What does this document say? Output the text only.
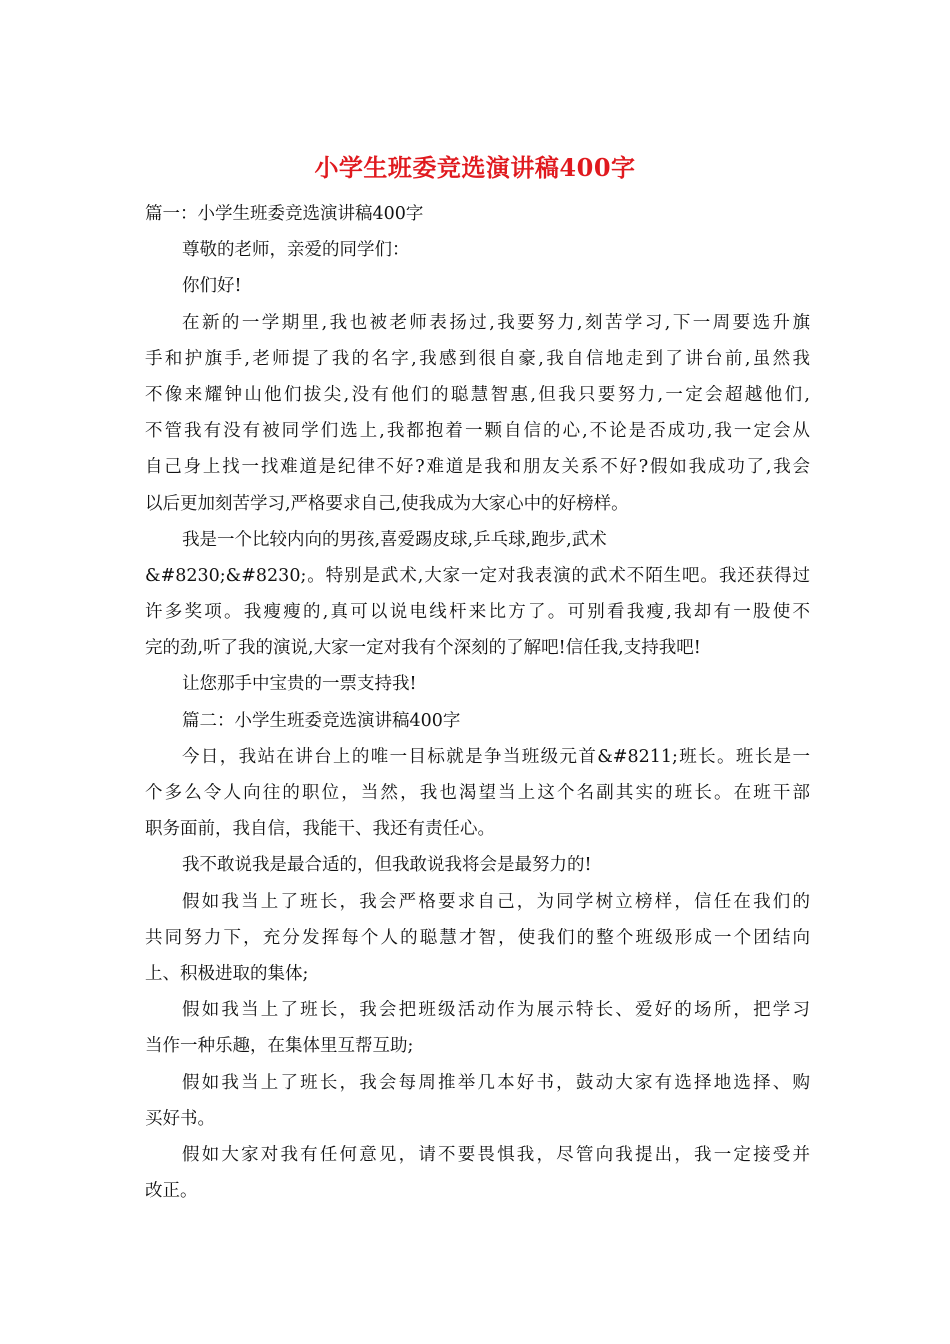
小学生班委竞选演讲稿400字
篇一：小学生班委竞选演讲稿400字
尊敬的老师，亲爱的同学们：
你们好!
在新的一学期里,我也被老师表扬过,我要努力,刻苦学习,下一周要选升旗
手和护旗手,老师提了我的名字,我感到很自豪,我自信地走到了讲台前,虽然我
不像来耀钟山他们拔尖,没有他们的聪慧智惠,但我只要努力,一定会超越他们,
不管我有没有被同学们选上,我都抱着一颗自信的心,不论是否成功,我一定会从
自己身上找一找难道是纪律不好?难道是我和朋友关系不好?假如我成功了,我会
以后更加刻苦学习,严格要求自己,使我成为大家心中的好榜样。
我是一个比较内向的男孩,喜爱踢皮球,乒乓球,跑步,武术
&#8230;&#8230;。特别是武术,大家一定对我表演的武术不陌生吧。我还获得过
许多奖项。我瘦瘦的,真可以说电线杆来比方了。可别看我瘦,我却有一股使不
完的劲,听了我的演说,大家一定对我有个深刻的了解吧!信任我,支持我吧!
让您那手中宝贵的一票支持我!
篇二：小学生班委竞选演讲稿400字
今日，我站在讲台上的唯一目标就是争当班级元首&#8211;班长。班长是一
个多么令人向往的职位，当然，我也渴望当上这个名副其实的班长。在班干部
职务面前，我自信，我能干、我还有责任心。
我不敢说我是最合适的，但我敢说我将会是最努力的!
假如我当上了班长，我会严格要求自己，为同学树立榜样，信任在我们的
共同努力下，充分发挥每个人的聪慧才智，使我们的整个班级形成一个团结向
上、积极进取的集体;
假如我当上了班长，我会把班级活动作为展示特长、爱好的场所，把学习
当作一种乐趣，在集体里互帮互助;
假如我当上了班长，我会每周推举几本好书，鼓动大家有选择地选择、购
买好书。
假如大家对我有任何意见，请不要畏惧我，尽管向我提出，我一定接受并
改正。
